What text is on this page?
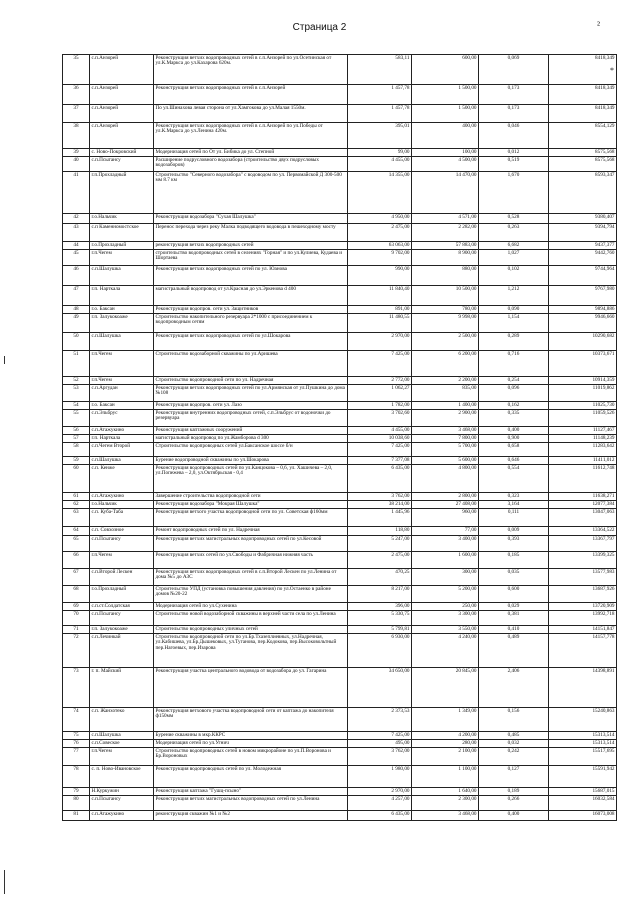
Страница 2	²
*
35	с.п.Анзорей	Реконструкция ветхих водопроводных сетей в с.п.Анзорей по ул.Осетинская от ул.К.Маркса до ул.Кахарова 620м.	583,11	600,00	0,069	8418,349
36	с.п.Анзорей	Реконструкция ветхих водопроводных сетей в с.п.Анзорей	1 457,78	1 500,00	0,173	8418,349
37	с.п.Анзорей	По ул.Шинахова левая сторона от ул.Хамгокова до ул.Малая 1550м.	1 457,78	1 500,00	0,173	8418,349
38	с.п.Анзорей	Реконструкция ветхих водопроводных сетей в с.п.Анзорей по ул.Победы от ул.К.Маркса до ул.Ленина 420м.	395,01	400,00	0,046	8554,129
39	с. Ново-Покровский	Модернизация сетей по От ул. Бибика до ул. Степной	99,00	100,00	0,012	8575,568
40	с.п.Псыгансу	Расширение подрусловного водозабора (строительство двух подрусловых водозаборов)	4 455,00	4 500,00	0,519	8575,568
41	г.п.Прохладный	Строительство "Северного водозабора" с водоводом по ул. Первомайской Д 300-500 мм 8.7 км	14 355,00	14 470,00	1,670	8593,347
42	г.о.Нальчик	Реконструкция водозабора "Сухая Шалушка"	4 950,00	4 571,00	0,528	9380,407
43	с.п Каменномостское	Перенос перехода через реку Малка подводящего водовода в пешеходному мосту	2 475,00	2 282,00	0,263	9394,794
44	г.о.Прохладный	реконструкция ветхих водопроводных сетей	63 063,00	57 883,00	6,682	9437,377
45	г.п.Чегем	строительство водопроводных сетей в селениях "Горная" и по ул.Кулиева, Кудаева и Шортаева	9 702,00	8 900,00	1,027	9442,760
46	с.п.Шалушка	Реконструкция ветхих водопроводных сетей по ул. Юанова	990,00	880,00	0,102	9744,964
47	г.п. Нарткала	магистральный водопровод от ул.Красная до ул.Эркенова d 400	11 840,40	10 500,00	1,212	9767,980
48	г.о. Баксан	Реконструкция водопров. сети ул. Защитников	891,00	780,00	0,090	9894,886
49	г.п. Залукокоаже	Строительство накопительного резервуара 2*1000 с присоединением к водопроводным сетям	11 480,55	9 998,00	1,154	9946,660
50	с.п.Шалушка	Реконструкция ветхих водопроводных сетей по ул.Шокарова	2 970,00	2 500,00	0,289	10290,682
51	г.п.Чегем	Строительство водозаборной скважины по ул.Аришева	7 425,00	6 200,00	0,716	10373,671
52	г.п.Чегем	Строительство водопроводной сети по ул. Надречная	2 772,00	2 200,00	0,254	10914,359
53	с.п.Аргудан	Реконструкция ветхих водопроводных сетей по ул.Армянская от ул.Пушкина до дома №108	1 062,27	835,00	0,096	11019,862
54	г.о. Баксан	Реконструкция водопров. сети ул. Лазо	1 782,00	1 400,00	0,162	11025,730
55	с.п.Эльбрус	Реконструкция внутренних водопроводных сетей, с.п.Эльбрус от водоночки до резервуара	3 702,60	2 900,00	0,335	11059,526
56	с.п.Атажукино	Реконструкция каптажных сооружений	4 455,00	3 468,00	0,400	11127,467
57	г.п. Нарткала	магистральный водопровод по ул.Жамборова d 300	10 038,60	7 800,00	0,900	11148,239
58	с.п.Чегем Второй	Строительство водопроводных сетей ул.Баксанское шоссе б/н	7 425,00	5 700,00	0,658	11283,642
59	с.п.Шалушка	Бурение водопроводной скважины по ул.Шокарова	7 377,08	5 600,00	0,646	11411,012
60	с.п. Кенже	Реконструкция водопроводных сетей по ул.Канцокова – 0,6, ул. Хашичева – 2,0, ул.Попежева – 2,0, ул.Октябрьская - 0,4	6 435,00	4 800,00	0,554	11612,748
61	с.п.Атажукино	Завершение строительства водопроводной сети	3 762,00	2 800,00	0,323	11638,271
62	г.о.Нальчик	Реконструкция водозабора "Мокрая Шалушка"	38 214,00	27 408,00	3,164	12077,384
63	с.п. Куба-Таба	Реконструкция ветхого участка водопроводной сети по ул. Советская ф160мм	1 445,96	960,00	0,111	13047,063
64	с.п. Совхозное	Ремонт водопроводных сетей по ул. Надречная	118,80	77,00	0,009	13364,522
65	с.п.Псыгансу	Реконструкция ветхих магистральных водопроводных сетей по ул.Кесовой	5 247,00	3 400,00	0,393	13367,797
66	г.п.Чегем	Реконструкция ветхих сетей по ул.Свободы и Фабричная нижняя часть	2 475,00	1 600,00	0,185	13399,325
67	с.п.Второй Лескен	Реконструкция ветхих водопроводных сетей в с.п.Второй Лескен по ул.Ленина от дома №5 до АЗС	470,25	300,00	0,035	13577,983
68	г.о.Прохладный	Строительство УПД (установка повышения давления) по ул.Остаенко в районе домов №20-22	8 217,00	5 200,00	0,600	13687,926
69	с.п.ст.Солдатская	Модернизация сетей по ул.Сухенина	396,00	250,00	0,029	13720,909
70	с.п.Псыгансу	Строительство новой водозаборной скважины в верхней части села по ул.Ленина	5 330,75	3 300,00	0,381	13992,718
71	г.п. Залукокоаже	Строительство водопроводных уличных сетей	5 799,81	3 550,00	0,410	14151,847
72	с.п.Лечинкай	Строительство водопроводной сети по ул.Бр.Тхазеплиевных, ул.Надречная, ул.Кабишева, ул.Бр.Дышековых, ул.Туганова, пер.Кодокова, пер.Высоковольтный пер.Нагоевых, пер.Изарова	6 930,00	4 240,00	0,489	14157,778
73	г. п. Майский	Реконструкция участка центрального водовода от водозабора до ул. Гагарина	34 650,00	20 845,00	2,406	14398,891
74	с.п. Жанхотеко	Реконструкция ветхового участка водопроводной сети от каптажа до накопителя ф150мм	2 373,53	1 349,00	0,156	15240,863
75	с.п.Шалушка	Бурение скважины в мкр.ККРС	7 425,00	4 200,00	0,485	15313,514
76	с.п.Совеское	Модернизация сетей по ул.Угнич	495,00	280,00	0,032	15313,514
77	г.п.Чегем	Строительство водопроводных сетей в новом микрорайоне по ул.П.Воронова и Бр.Вороновых	3 762,00	2 100,00	0,242	15517,695
78	с. п. Ново-Ивановское	Реконструкция водопроводных сетей по ул. Молодежная	1 980,00	1 100,00	0,127	15591,942
79	Н.Куркужин	Реконструкция каптажа "Гушц-псыно"	2 970,00	1 640,00	0,189	15687,015
80	с.п.Псыгансу	Реконструкция ветхих магистральных водопроводных сетей по ул.Ленина	4 257,00	2 300,00	0,266	16032,584
81	с.п.Атажукино	реконструкция скважин №1 и №2	6 435,00	3 468,00	0,400	16073,008
